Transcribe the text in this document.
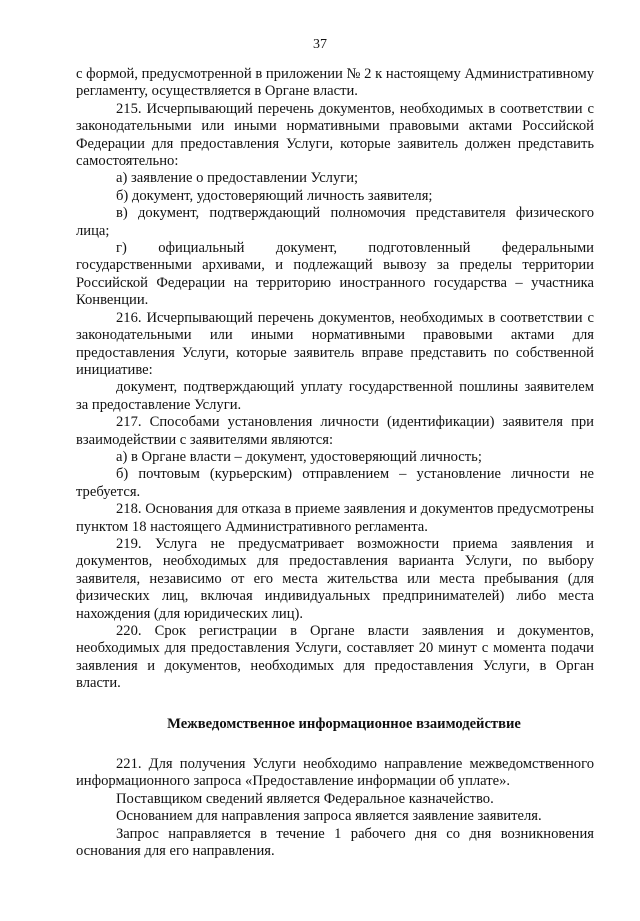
37

с формой, предусмотренной в приложении № 2 к настоящему Административному регламенту, осуществляется в Органе власти.

215. Исчерпывающий перечень документов, необходимых в соответствии с законодательными или иными нормативными правовыми актами Российской Федерации для предоставления Услуги, которые заявитель должен представить самостоятельно:

а) заявление о предоставлении Услуги;

б) документ, удостоверяющий личность заявителя;

в) документ, подтверждающий полномочия представителя физического лица;

г) официальный документ, подготовленный федеральными государственными архивами, и подлежащий вывозу за пределы территории Российской Федерации на территорию иностранного государства – участника Конвенции.

216. Исчерпывающий перечень документов, необходимых в соответствии с законодательными или иными нормативными правовыми актами для предоставления Услуги, которые заявитель вправе представить по собственной инициативе:

документ, подтверждающий уплату государственной пошлины заявителем за предоставление Услуги.

217. Способами установления личности (идентификации) заявителя при взаимодействии с заявителями являются:

а) в Органе власти – документ, удостоверяющий личность;

б) почтовым (курьерским) отправлением – установление личности не требуется.

218. Основания для отказа в приеме заявления и документов предусмотрены пунктом 18 настоящего Административного регламента.

219. Услуга не предусматривает возможности приема заявления и документов, необходимых для предоставления варианта Услуги, по выбору заявителя, независимо от его места жительства или места пребывания (для физических лиц, включая индивидуальных предпринимателей) либо места нахождения (для юридических лиц).

220. Срок регистрации в Органе власти заявления и документов, необходимых для предоставления Услуги, составляет 20 минут с момента подачи заявления и документов, необходимых для предоставления Услуги, в Орган власти.

Межведомственное информационное взаимодействие

221. Для получения Услуги необходимо направление межведомственного информационного запроса «Предоставление информации об уплате».

Поставщиком сведений является Федеральное казначейство.

Основанием для направления запроса является заявление заявителя.

Запрос направляется в течение 1 рабочего дня со дня возникновения основания для его направления.
